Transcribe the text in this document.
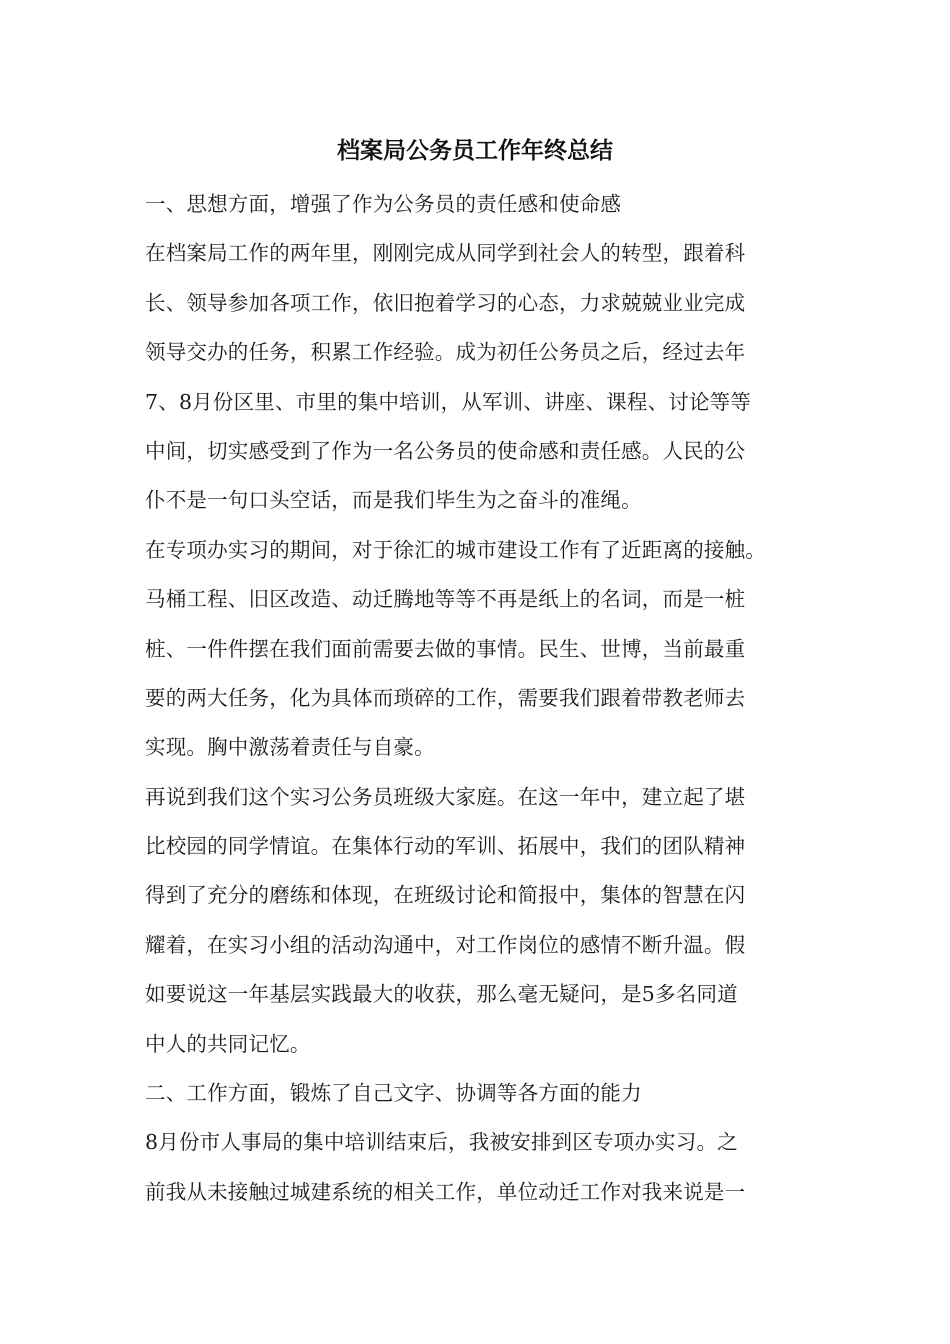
档案局公务员工作年终总结
一、思想方面，增强了作为公务员的责任感和使命感
在档案局工作的两年里，刚刚完成从同学到社会人的转型，跟着科
长、领导参加各项工作，依旧抱着学习的心态，力求兢兢业业完成
领导交办的任务，积累工作经验。成为初任公务员之后，经过去年
7、8月份区里、市里的集中培训，从军训、讲座、课程、讨论等等
中间，切实感受到了作为一名公务员的使命感和责任感。人民的公
仆不是一句口头空话，而是我们毕生为之奋斗的准绳。
在专项办实习的期间，对于徐汇的城市建设工作有了近距离的接触。
马桶工程、旧区改造、动迁腾地等等不再是纸上的名词，而是一桩
桩、一件件摆在我们面前需要去做的事情。民生、世博，当前最重
要的两大任务，化为具体而琐碎的工作，需要我们跟着带教老师去
实现。胸中激荡着责任与自豪。
再说到我们这个实习公务员班级大家庭。在这一年中，建立起了堪
比校园的同学情谊。在集体行动的军训、拓展中，我们的团队精神
得到了充分的磨练和体现，在班级讨论和简报中，集体的智慧在闪
耀着，在实习小组的活动沟通中，对工作岗位的感情不断升温。假
如要说这一年基层实践最大的收获，那么毫无疑问，是5多名同道
中人的共同记忆。
二、工作方面，锻炼了自己文字、协调等各方面的能力
8月份市人事局的集中培训结束后，我被安排到区专项办实习。之
前我从未接触过城建系统的相关工作，单位动迁工作对我来说是一
